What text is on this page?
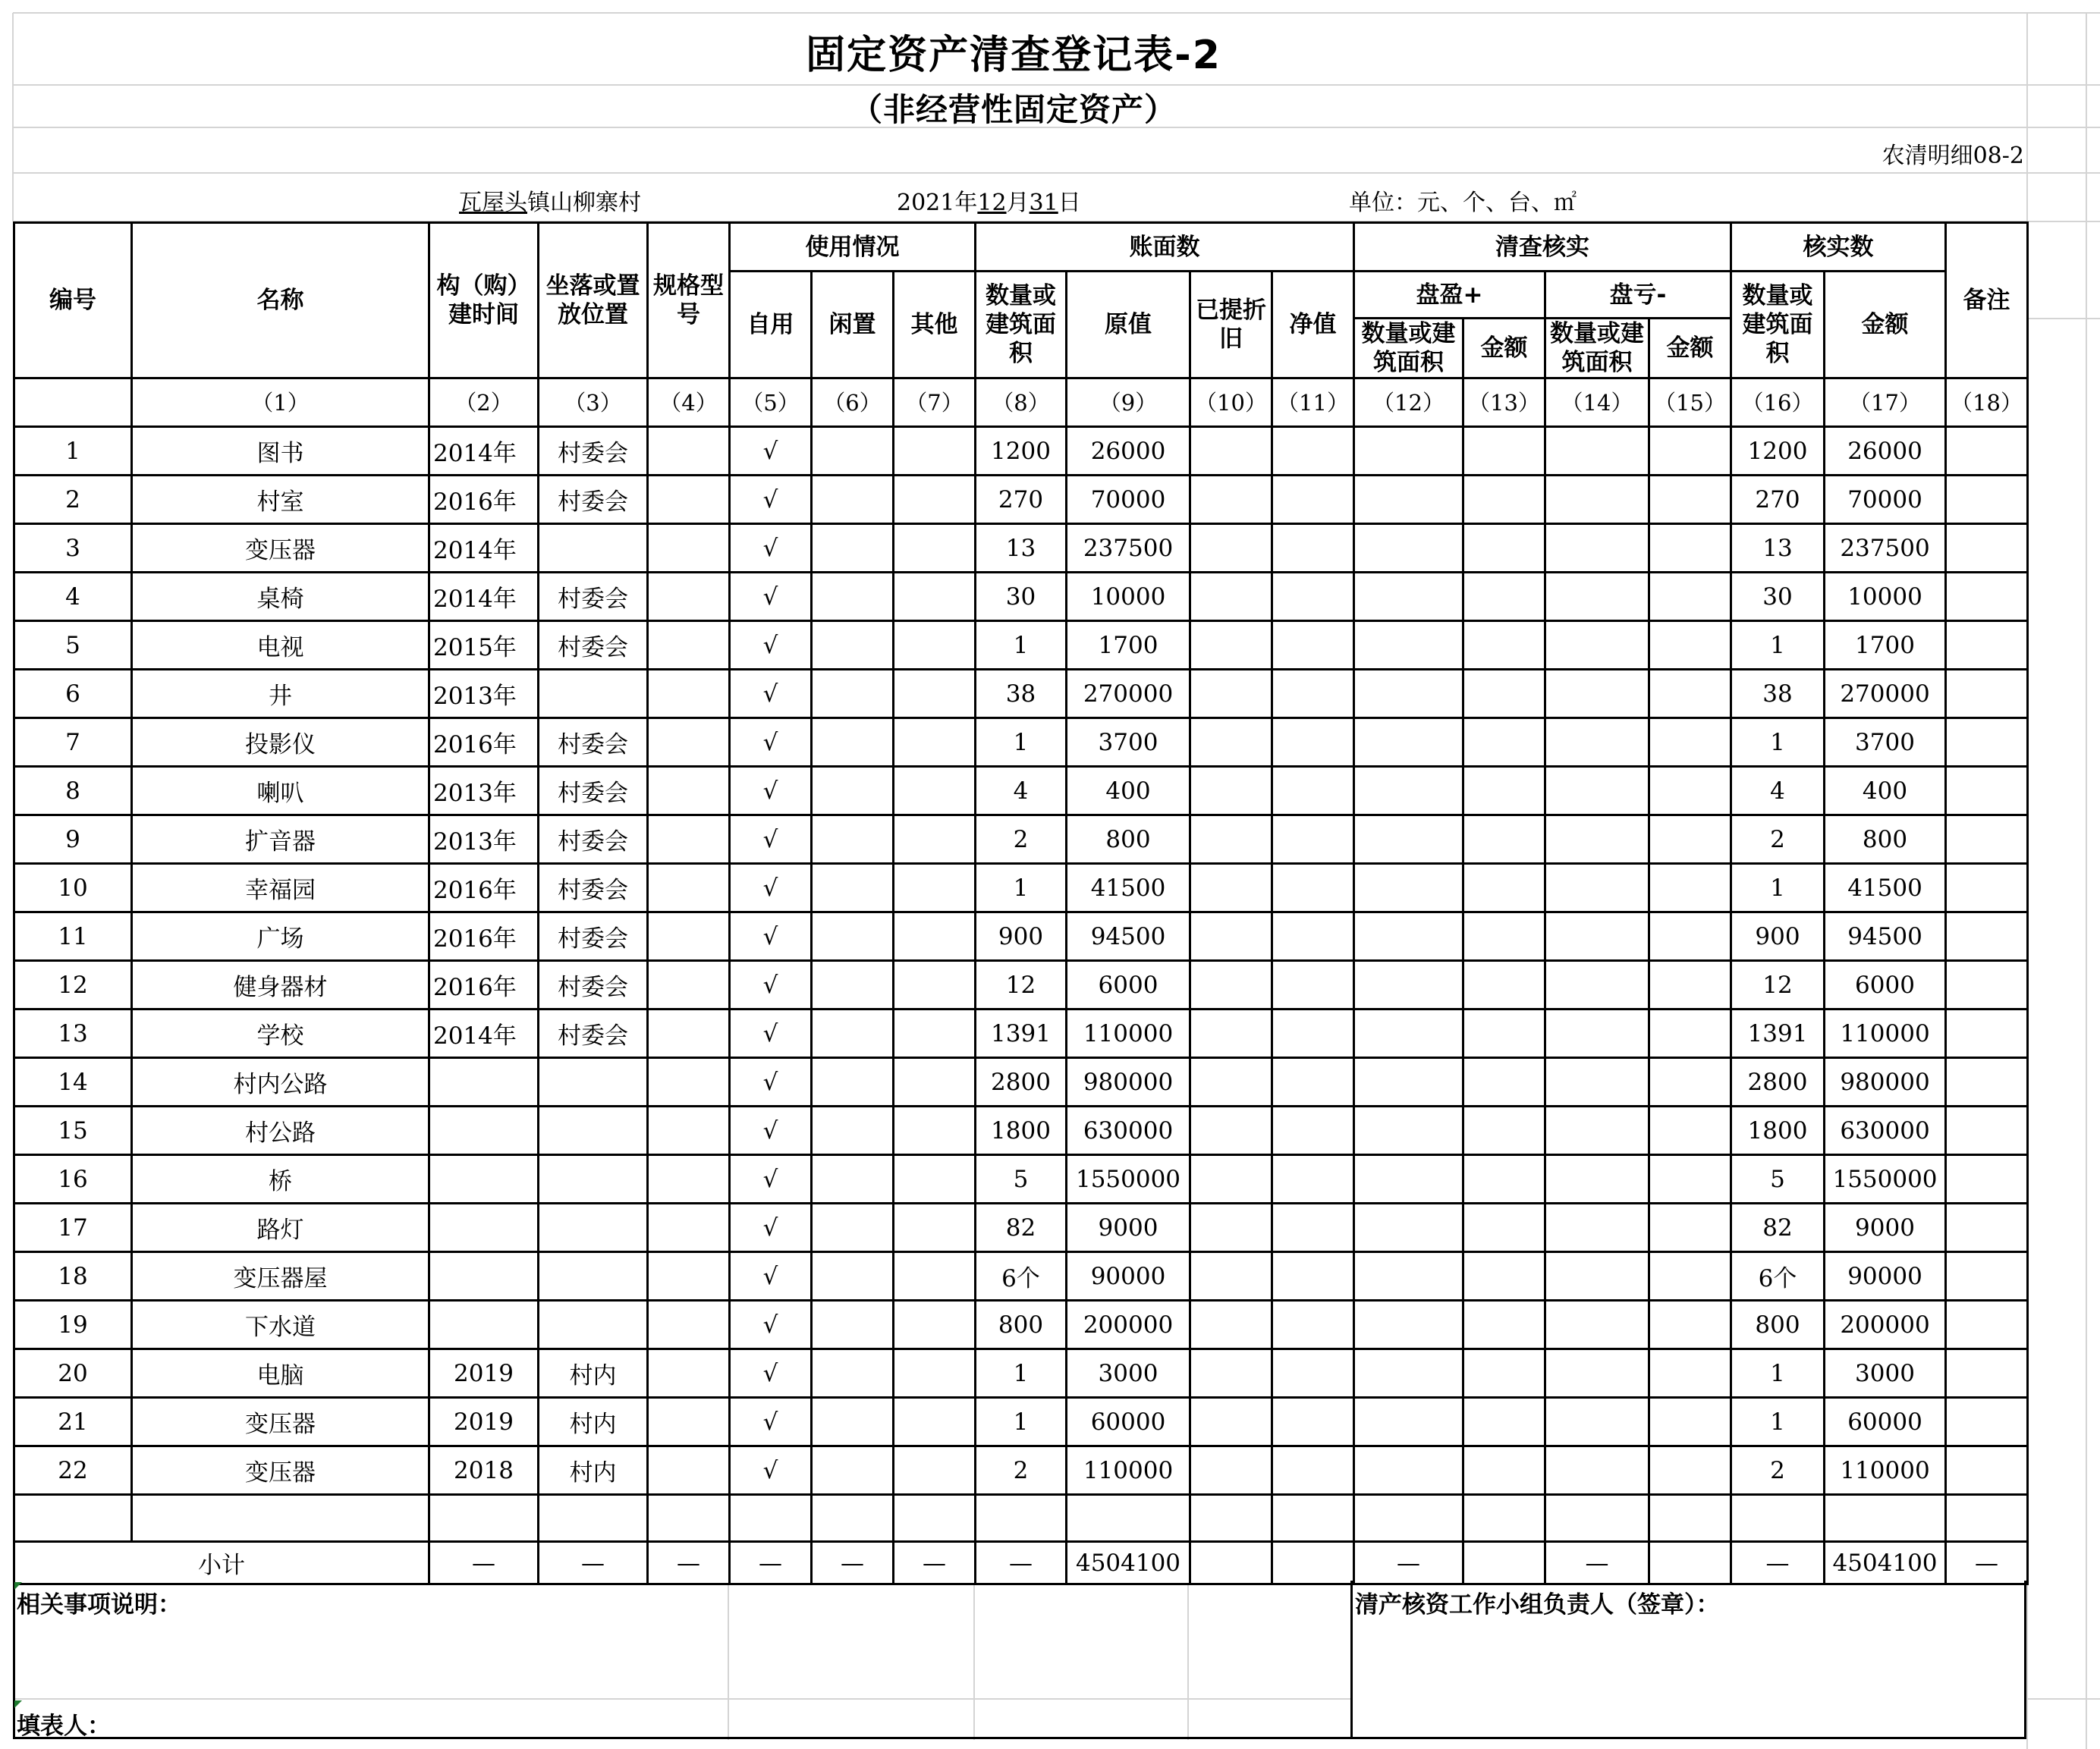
固定资产清查登记表-2
（非经营性固定资产）
农清明细08-2
瓦屋头镇山柳寨村	2021年12月31日	单位：元、个、台、㎡
编号	名称	构（购）建时间	坐落或置放位置	规格型号	使用情况			账面数				清查核实				核实数		备注
					自用	闲置	其他	数量或建筑面积	原值	已提折旧	净值	盘盈+		盘亏-		数量或建筑面积	金额	
												数量或建筑面积	金额	数量或建筑面积	金额			
	（1）	（2）	（3）	（4）	（5）	（6）	（7）	（8）	（9）	（10）	（11）	（12）	（13）	（14）	（15）	（16）	（17）	（18）
1	图书	2014年	村委会		√			1200	26000							1200	26000	
2	村室	2016年	村委会		√			270	70000							270	70000	
3	变压器	2014年			√			13	237500							13	237500	
4	桌椅	2014年	村委会		√			30	10000							30	10000	
5	电视	2015年	村委会		√			1	1700							1	1700	
6	井	2013年			√			38	270000							38	270000	
7	投影仪	2016年	村委会		√			1	3700							1	3700	
8	喇叭	2013年	村委会		√			4	400							4	400	
9	扩音器	2013年	村委会		√			2	800							2	800	
10	幸福园	2016年	村委会		√			1	41500							1	41500	
11	广场	2016年	村委会		√			900	94500							900	94500	
12	健身器材	2016年	村委会		√			12	6000							12	6000	
13	学校	2014年	村委会		√			1391	110000							1391	110000	
14	村内公路				√			2800	980000							2800	980000	
15	村公路				√			1800	630000							1800	630000	
16	桥				√			5	1550000							5	1550000	
17	路灯				√			82	9000							82	9000	
18	变压器屋				√			6个	90000							6个	90000	
19	下水道				√			800	200000							800	200000	
20	电脑	2019	村内		√			1	3000							1	3000	
21	变压器	2019	村内		√			1	60000							1	60000	
22	变压器	2018	村内		√			2	110000							2	110000	

小计		—	—	—	—	—	—	—	4504100			—		—		—	4504100	—
相关事项说明：	清产核资工作小组负责人（签章）：
填表人：
